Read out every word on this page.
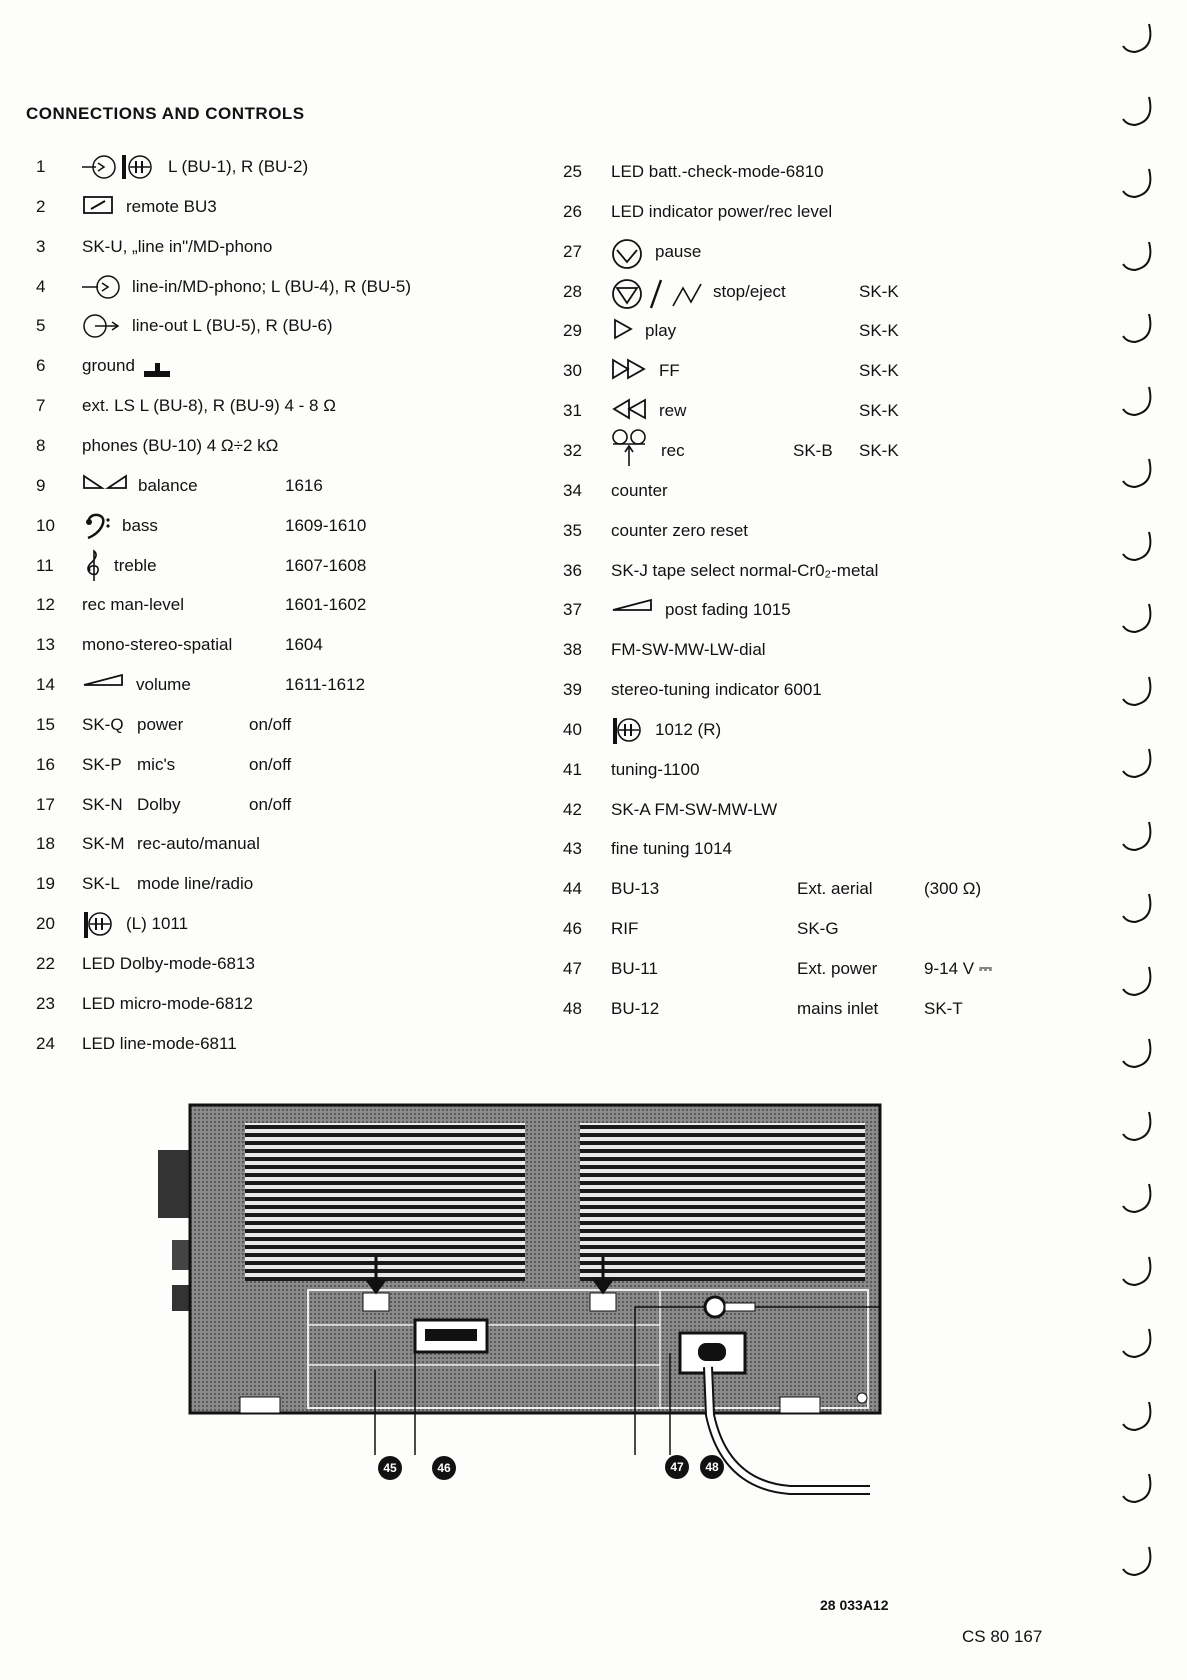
CONNECTIONS AND CONTROLS
1	L (BU-1), R (BU-2)
2	remote BU3
3	SK-U, „line in"/MD-phono
4	line-in/MD-phono; L (BU-4), R (BU-5)
5	line-out L (BU-5), R (BU-6)
6	ground
7	ext. LS L (BU-8), R (BU-9) 4 - 8 Ω
8	phones (BU-10) 4 Ω÷2 kΩ
9	balance	1616
10	bass	1609-1610
11	treble	1607-1608
12	rec man-level	1601-1602
13	mono-stereo-spatial	1604
14	volume	1611-1612
15	SK-Q power	on/off
16	SK-P mic's	on/off
17	SK-N Dolby	on/off
18	SK-M rec-auto/manual
19	SK-L mode line/radio
20	(L) 1011
22	LED Dolby-mode-6813
23	LED micro-mode-6812
24	LED line-mode-6811
25	LED batt.-check-mode-6810
26	LED indicator power/rec level
27	pause
28	stop/eject	SK-K
29	play	SK-K
30	FF	SK-K
31	rew	SK-K
32	rec	SK-B SK-K
34	counter
35	counter zero reset
36	SK-J tape select normal-Cr0₂-metal
37	post fading 1015
38	FM-SW-MW-LW-dial
39	stereo-tuning indicator 6001
40	1012 (R)
41	tuning-1100
42	SK-A FM-SW-MW-LW
43	fine tuning 1014
44	BU-13	Ext. aerial	(300 Ω)
46	RIF	SK-G
47	BU-11	Ext. power	9-14 V ⎓
48	BU-12	mains inlet	SK-T
45	46	47	48
28 033A12
CS 80 167
